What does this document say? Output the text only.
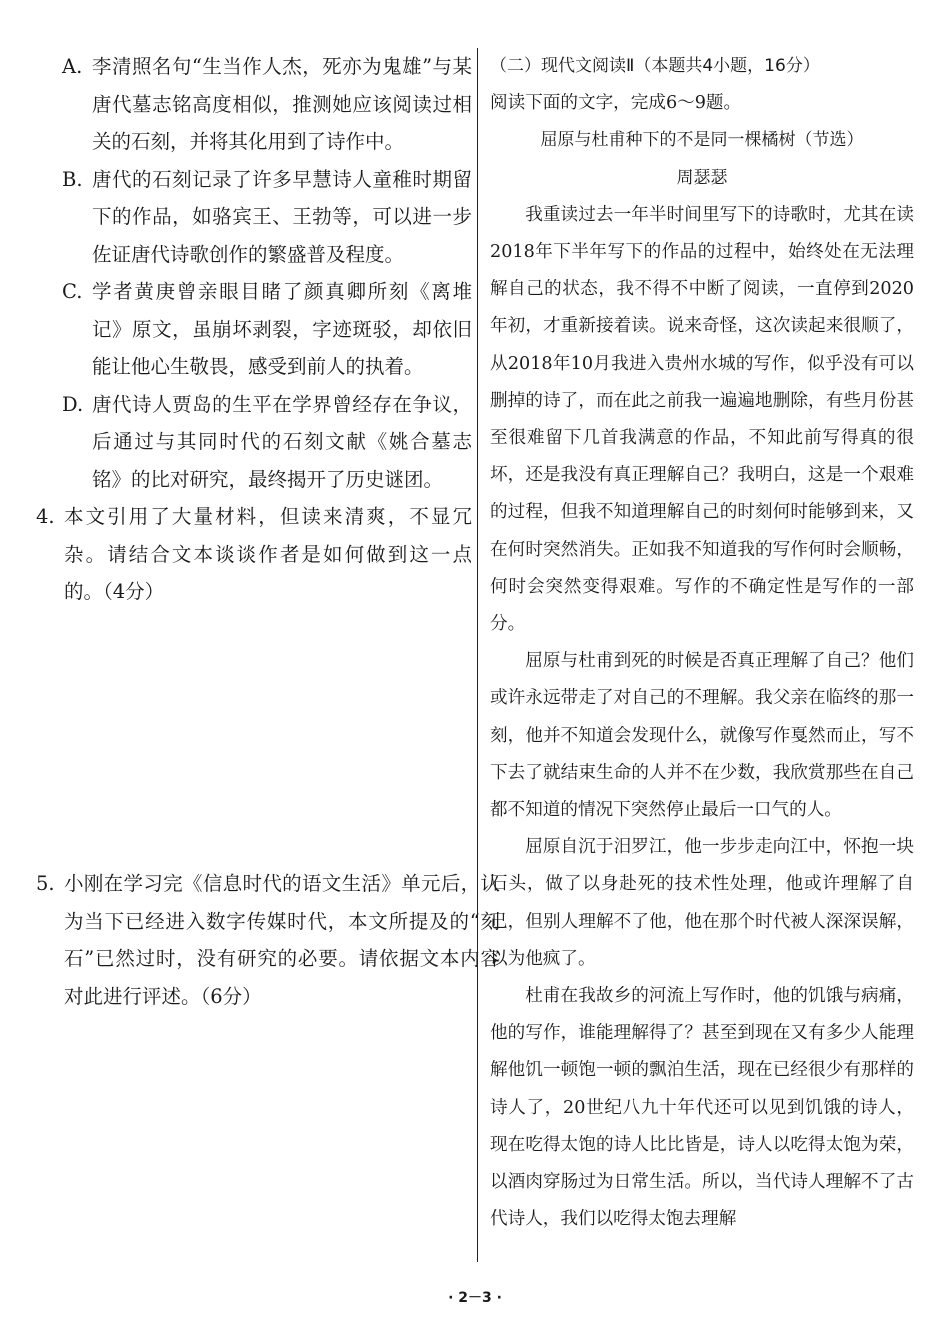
A. 李清照名句“生当作人杰，死亦为鬼雄”与某唐代墓志铭高度相似，推测她应该阅读过相关的石刻，并将其化用到了诗作中。
B. 唐代的石刻记录了许多早慧诗人童稚时期留下的作品，如骆宾王、王勃等，可以进一步佐证唐代诗歌创作的繁盛普及程度。
C. 学者黄庚曾亲眼目睹了颜真卿所刻《离堆记》原文，虽崩坏剥裂，字迹斑驳，却依旧能让他心生敬畏，感受到前人的执着。
D. 唐代诗人贾岛的生平在学界曾经存在争议，后通过与其同时代的石刻文献《姚合墓志铭》的比对研究，最终揭开了历史谜团。
4. 本文引用了大量材料，但读来清爽，不显冗杂。请结合文本谈谈作者是如何做到这一点的。（4分）
5. 小刚在学习完《信息时代的语文生活》单元后，认为当下已经进入数字传媒时代，本文所提及的“刻石”已然过时，没有研究的必要。请依据文本内容对此进行评述。（6分）
（二）现代文阅读Ⅱ（本题共4小题，16分）
阅读下面的文字，完成6～9题。
屈原与杜甫种下的不是同一棵橘树（节选）
周瑟瑟

我重读过去一年半时间里写下的诗歌时，尤其在读2018年下半年写下的作品的过程中，始终处在无法理解自己的状态，我不得不中断了阅读，一直停到2020年初，才重新接着读。说来奇怪，这次读起来很顺了，从2018年10月我进入贵州水城的写作，似乎没有可以删掉的诗了，而在此之前我一遍遍地删除，有些月份甚至很难留下几首我满意的作品，不知此前写得真的很坏，还是我没有真正理解自己？我明白，这是一个艰难的过程，但我不知道理解自己的时刻何时能够到来，又在何时突然消失。正如我不知道我的写作何时会顺畅，何时会突然变得艰难。写作的不确定性是写作的一部分。

屈原与杜甫到死的时候是否真正理解了自己？他们或许永远带走了对自己的不理解。我父亲在临终的那一刻，他并不知道会发现什么，就像写作戛然而止，写不下去了就结束生命的人并不在少数，我欣赏那些在自己都不知道的情况下突然停止最后一口气的人。

屈原自沉于汨罗江，他一步步走向江中，怀抱一块石头，做了以身赴死的技术性处理，他或许理解了自己，但别人理解不了他，他在那个时代被人深深误解，以为他疯了。

杜甫在我故乡的河流上写作时，他的饥饿与病痛，他的写作，谁能理解得了？甚至到现在又有多少人能理解他饥一顿饱一顿的飘泊生活，现在已经很少有那样的诗人了，20世纪八九十年代还可以见到饥饿的诗人，现在吃得太饱的诗人比比皆是，诗人以吃得太饱为荣，以酒肉穿肠过为日常生活。所以，当代诗人理解不了古代诗人，我们以吃得太饱去理解

· 2－3 ·
